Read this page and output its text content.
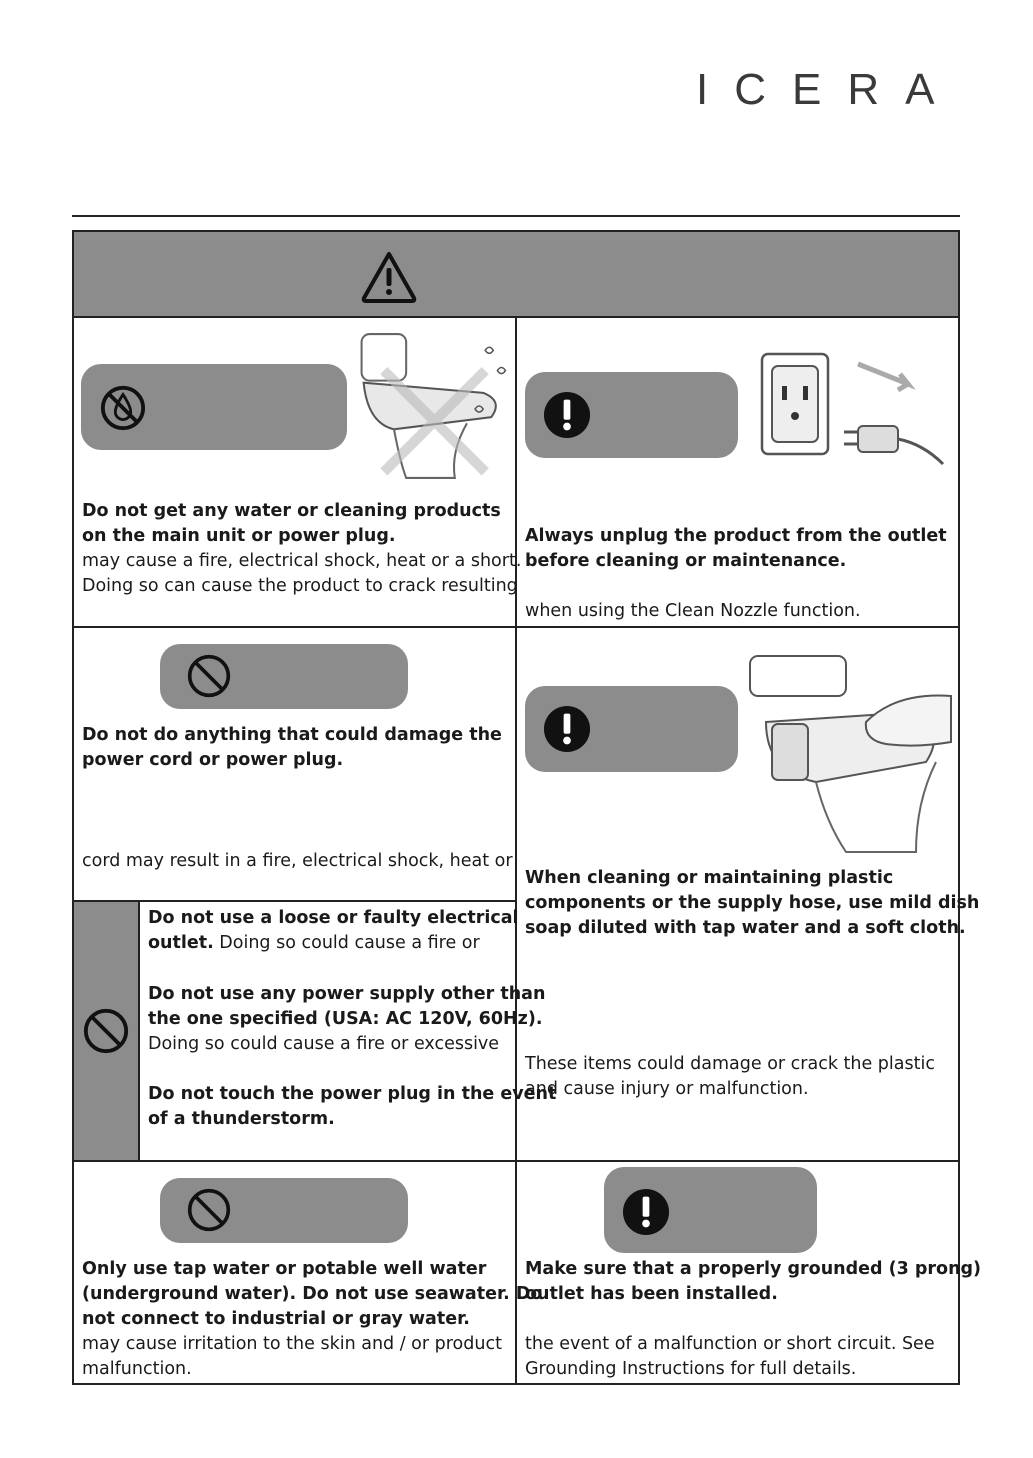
ICERA
Do not get any water or cleaning products
on the main unit or power plug.
may cause a fire, electrical shock, heat or a short.
Doing so can cause the product to crack resulting
Always unplug the product from the outlet
before cleaning or maintenance.
when using the Clean Nozzle function.
Do not do anything that could damage the
power cord or power plug.
cord may result in a fire, electrical shock, heat or
When cleaning or maintaining plastic
components or the supply hose, use mild dish
soap diluted with tap water and a soft cloth.
These items could damage or crack the plastic
and cause injury or malfunction.
Do not use a loose or faulty electrical
outlet. Doing so could cause a fire or
Do not use any power supply other than
the one specified (USA: AC 120V, 60Hz).
Doing so could cause a fire or excessive
Do not touch the power plug in the event
of a thunderstorm.
Only use tap water or potable well water
(underground water). Do not use seawater. Do
not connect to industrial or gray water.
may cause irritation to the skin and / or product
malfunction.
Make sure that a properly grounded (3 prong)
outlet has been installed.
the event of a malfunction or short circuit. See
Grounding Instructions for full details.
